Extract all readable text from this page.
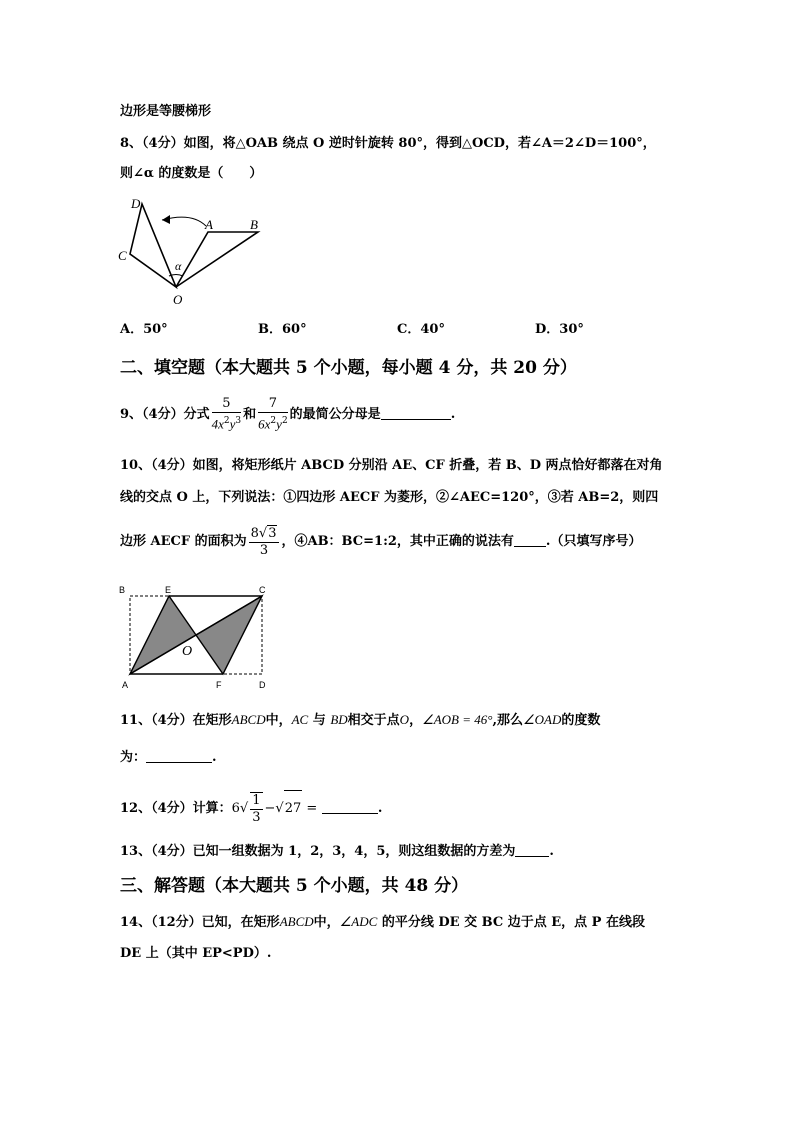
边形是等腰梯形
8、（4分）如图，将△OAB 绕点 O 逆时针旋转 80°，得到△OCD，若∠A＝2∠D＝100°，
则∠α 的度数是（　　）
D
A	B
C
α
O
A．50°	B．60°	C．40°	D．30°
二、填空题（本大题共 5 个小题，每小题 4 分，共 20 分）
9、（4分）分式 $\frac{5}{4x^2y^3}$ 和 $\frac{7}{6x^2y^2}$ 的最简公分母是	.
10、（4分）如图，将矩形纸片 ABCD 分别沿 AE、CF 折叠，若 B、D 两点恰好都落在对角
线的交点 O 上，下列说法：①四边形 AECF 为菱形，②∠AEC=120°，③若 AB=2，则四
边形 AECF 的面积为 $\frac{8√3}{3}$ ，④AB：BC=1:2，其中正确的说法有 .（只填写序号）
B	E	C
O
A	F	D
11、（4分）在矩形ABCD中，AC 与 BD相交于点O，∠AOB = 46°,那么∠OAD的度数
为：	.
12、（4分）计算：$6√ \frac{1}{3} -√27$ =	.
13、（4分）已知一组数据为 1，2，3，4，5，则这组数据的方差为	.
三、解答题（本大题共 5 个小题，共 48 分）
14、（12分）已知，在矩形ABCD中，∠ADC 的平分线 DE 交 BC 边于点 E，点 P 在线段
DE 上（其中 EP<PD）.
